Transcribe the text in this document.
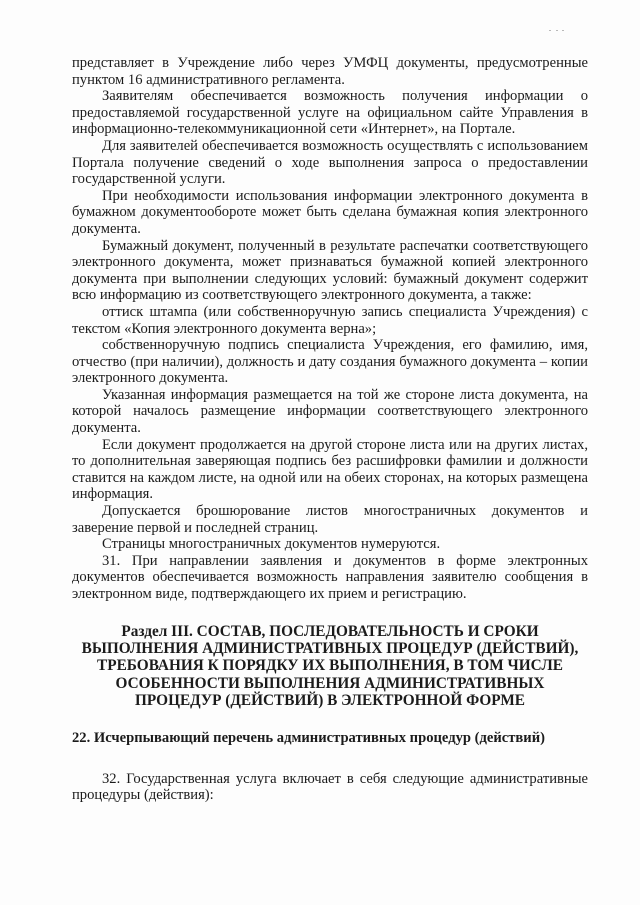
представляет в Учреждение либо через УМФЦ документы, предусмотренные пунктом 16 административного регламента.

Заявителям обеспечивается возможность получения информации о предоставляемой государственной услуге на официальном сайте Управления в информационно-телекоммуникационной сети «Интернет», на Портале.

Для заявителей обеспечивается возможность осуществлять с использованием Портала получение сведений о ходе выполнения запроса о предоставлении государственной услуги.

При необходимости использования информации электронного документа в бумажном документообороте может быть сделана бумажная копия электронного документа.

Бумажный документ, полученный в результате распечатки соответствующего электронного документа, может признаваться бумажной копией электронного документа при выполнении следующих условий: бумажный документ содержит всю информацию из соответствующего электронного документа, а также:

оттиск штампа (или собственноручную запись специалиста Учреждения) с текстом «Копия электронного документа верна»;

собственноручную подпись специалиста Учреждения, его фамилию, имя, отчество (при наличии), должность и дату создания бумажного документа – копии электронного документа.

Указанная информация размещается на той же стороне листа документа, на которой началось размещение информации соответствующего электронного документа.

Если документ продолжается на другой стороне листа или на других листах, то дополнительная заверяющая подпись без расшифровки фамилии и должности ставится на каждом листе, на одной или на обеих сторонах, на которых размещена информация.

Допускается брошюрование листов многостраничных документов и заверение первой и последней страниц.

Страницы многостраничных документов нумеруются.

31. При направлении заявления и документов в форме электронных документов обеспечивается возможность направления заявителю сообщения в электронном виде, подтверждающего их прием и регистрацию.

Раздел III. СОСТАВ, ПОСЛЕДОВАТЕЛЬНОСТЬ И СРОКИ ВЫПОЛНЕНИЯ АДМИНИСТРАТИВНЫХ ПРОЦЕДУР (ДЕЙСТВИЙ), ТРЕБОВАНИЯ К ПОРЯДКУ ИХ ВЫПОЛНЕНИЯ, В ТОМ ЧИСЛЕ ОСОБЕННОСТИ ВЫПОЛНЕНИЯ АДМИНИСТРАТИВНЫХ ПРОЦЕДУР (ДЕЙСТВИЙ) В ЭЛЕКТРОННОЙ ФОРМЕ
22. Исчерпывающий перечень административных процедур (действий)

32. Государственная услуга включает в себя следующие административные процедуры (действия):
